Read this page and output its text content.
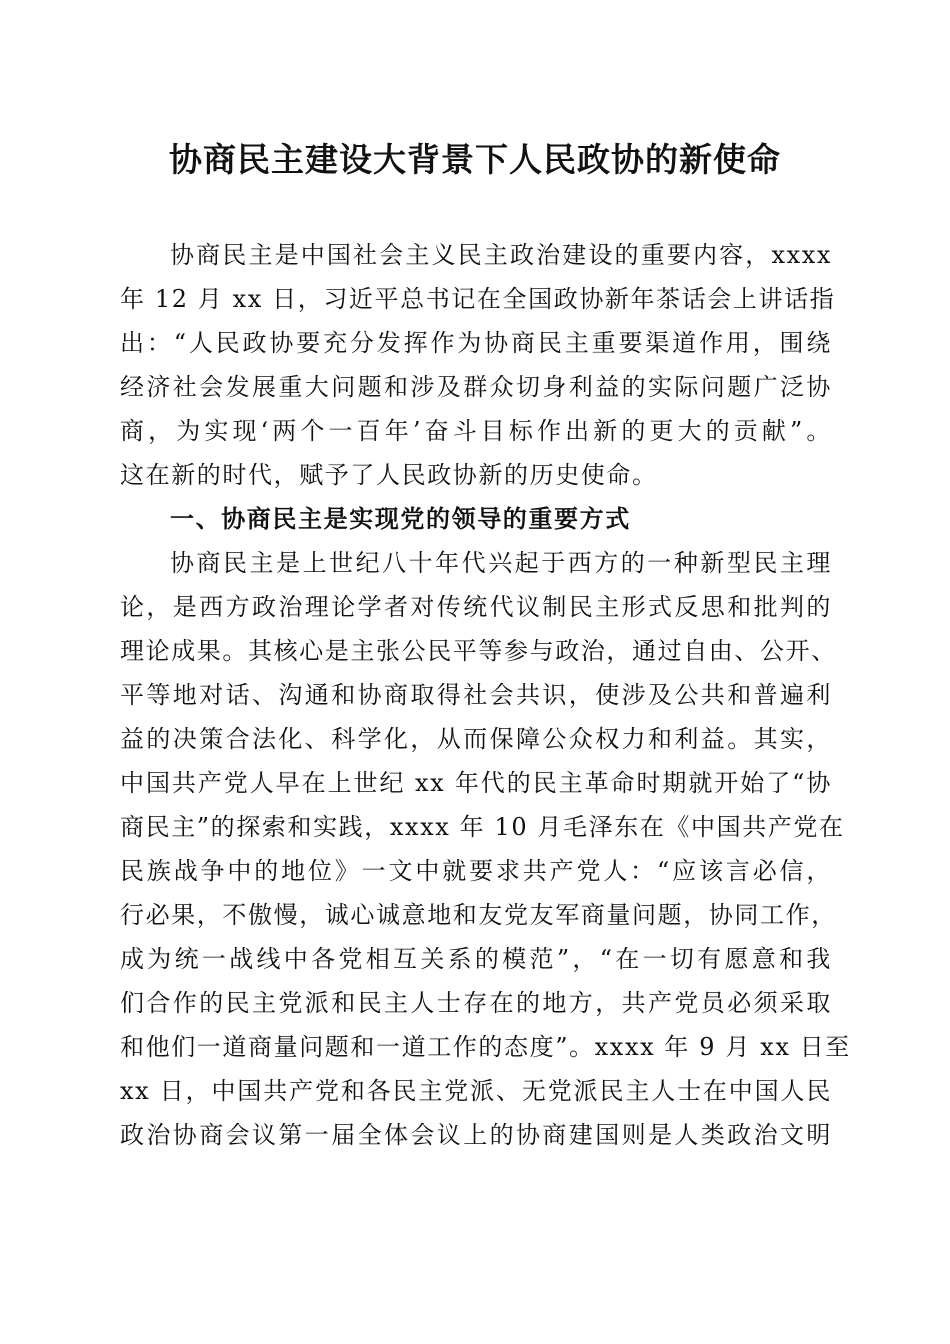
协商民主建设大背景下人民政协的新使命
协商民主是中国社会主义民主政治建设的重要内容，xxxx
年 12 月 xx 日，习近平总书记在全国政协新年茶话会上讲话指
出：“人民政协要充分发挥作为协商民主重要渠道作用，围绕
经济社会发展重大问题和涉及群众切身利益的实际问题广泛协
商，为实现‘两个一百年’奋斗目标作出新的更大的贡献”。
这在新的时代，赋予了人民政协新的历史使命。
一、协商民主是实现党的领导的重要方式
协商民主是上世纪八十年代兴起于西方的一种新型民主理
论，是西方政治理论学者对传统代议制民主形式反思和批判的
理论成果。其核心是主张公民平等参与政治，通过自由、公开、
平等地对话、沟通和协商取得社会共识，使涉及公共和普遍利
益的决策合法化、科学化，从而保障公众权力和利益。其实，
中国共产党人早在上世纪 xx 年代的民主革命时期就开始了“协
商民主”的探索和实践，xxxx 年 10 月毛泽东在《中国共产党在
民族战争中的地位》一文中就要求共产党人：“应该言必信，
行必果，不傲慢，诚心诚意地和友党友军商量问题，协同工作，
成为统一战线中各党相互关系的模范”，“在一切有愿意和我
们合作的民主党派和民主人士存在的地方，共产党员必须采取
和他们一道商量问题和一道工作的态度”。xxxx 年 9 月 xx 日至
xx 日，中国共产党和各民主党派、无党派民主人士在中国人民
政治协商会议第一届全体会议上的协商建国则是人类政治文明
